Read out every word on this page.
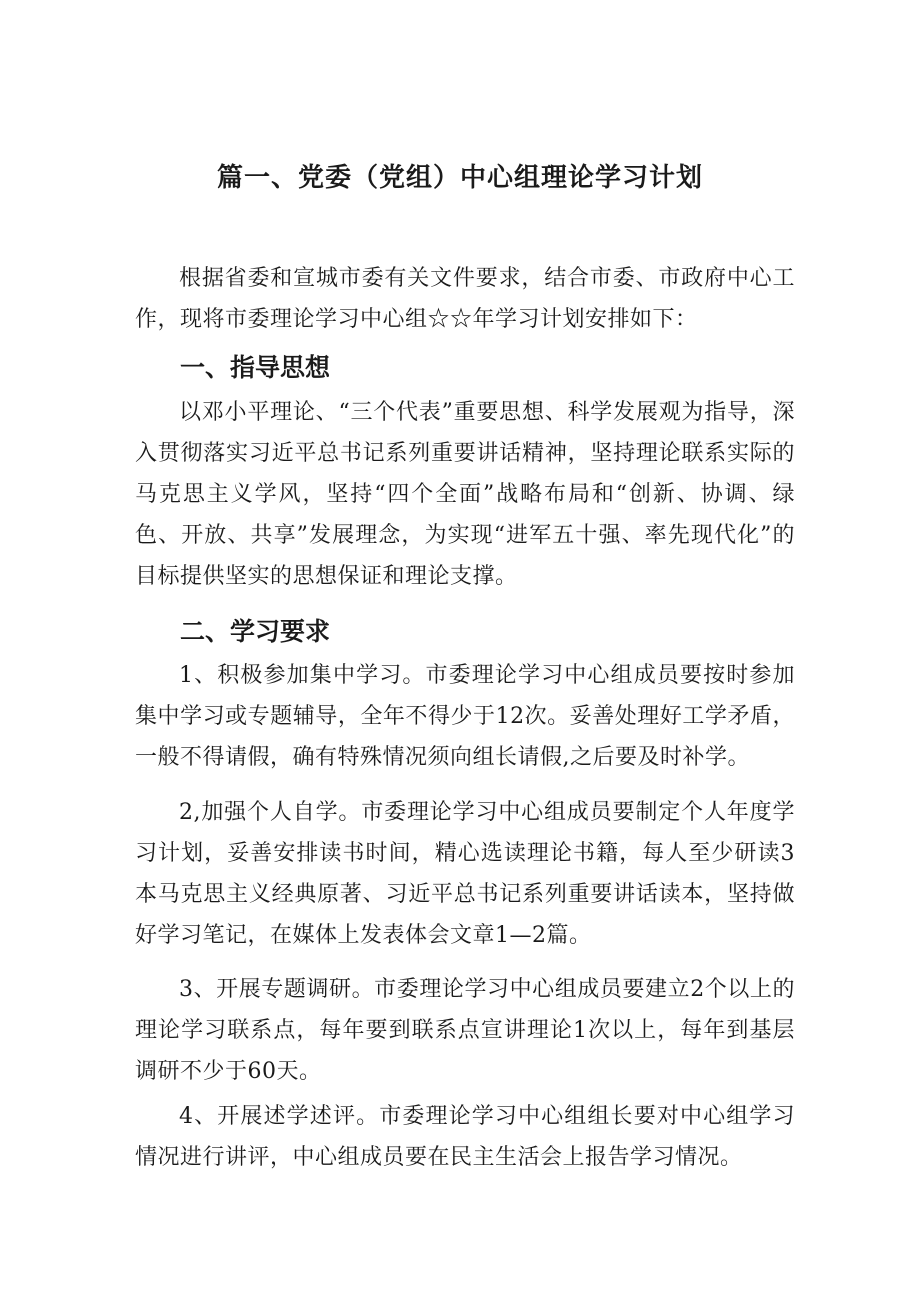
篇一、党委（党组）中心组理论学习计划

根据省委和宣城市委有关文件要求，结合市委、市政府中心工作，现将市委理论学习中心组☆☆年学习计划安排如下：

一、指导思想

以邓小平理论、“三个代表”重要思想、科学发展观为指导，深入贯彻落实习近平总书记系列重要讲话精神，坚持理论联系实际的马克思主义学风，坚持“四个全面”战略布局和“创新、协调、绿色、开放、共享”发展理念，为实现“进军五十强、率先现代化”的目标提供坚实的思想保证和理论支撑。

二、学习要求

1、积极参加集中学习。市委理论学习中心组成员要按时参加集中学习或专题辅导，全年不得少于12次。妥善处理好工学矛盾，一般不得请假，确有特殊情况须向组长请假,之后要及时补学。

2,加强个人自学。市委理论学习中心组成员要制定个人年度学习计划，妥善安排读书时间，精心选读理论书籍，每人至少研读3本马克思主义经典原著、习近平总书记系列重要讲话读本，坚持做好学习笔记，在媒体上发表体会文章1—2篇。

3、开展专题调研。市委理论学习中心组成员要建立2个以上的理论学习联系点，每年要到联系点宣讲理论1次以上，每年到基层调研不少于60天。

4、开展述学述评。市委理论学习中心组组长要对中心组学习情况进行讲评，中心组成员要在民主生活会上报告学习情况。
